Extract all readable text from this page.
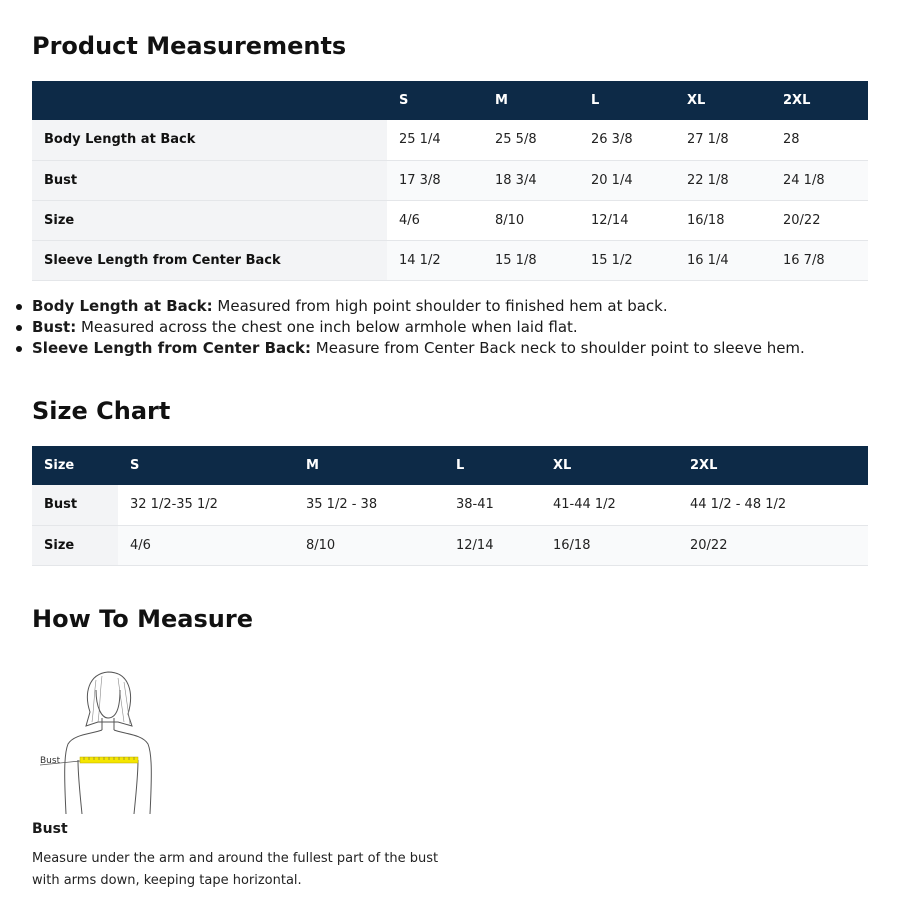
Product Measurements
	S	M	L	XL	2XL
Body Length at Back	25 1/4	25 5/8	26 3/8	27 1/8	28
Bust	17 3/8	18 3/4	20 1/4	22 1/8	24 1/8
Size	4/6	8/10	12/14	16/18	20/22
Sleeve Length from Center Back	14 1/2	15 1/8	15 1/2	16 1/4	16 7/8
Body Length at Back: Measured from high point shoulder to finished hem at back.
Bust: Measured across the chest one inch below armhole when laid flat.
Sleeve Length from Center Back: Measure from Center Back neck to shoulder point to sleeve hem.
Size Chart
Size	S	M	L	XL	2XL
Bust	32 1/2-35 1/2	35 1/2 - 38	38-41	41-44 1/2	44 1/2 - 48 1/2
Size	4/6	8/10	12/14	16/18	20/22
How To Measure
Bust
Bust
Measure under the arm and around the fullest part of the bust with arms down, keeping tape horizontal.
